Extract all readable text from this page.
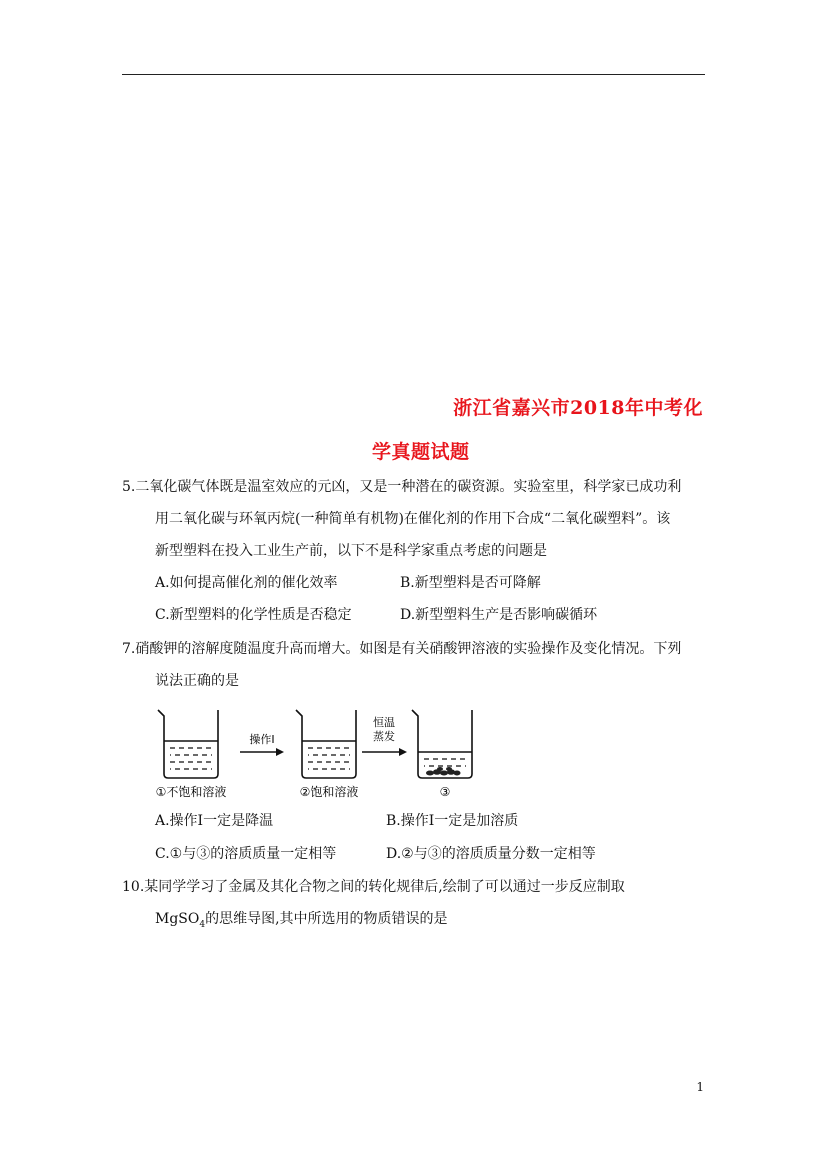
浙江省嘉兴市2018年中考化
学真题试题
5.二氧化碳气体既是温室效应的元凶，又是一种潜在的碳资源。实验室里，科学家已成功利
用二氧化碳与环氧丙烷(一种简单有机物)在催化剂的作用下合成“二氧化碳塑料”。该
新型塑料在投入工业生产前，以下不是科学家重点考虑的问题是
A.如何提高催化剂的催化效率	B.新型塑料是否可降解
C.新型塑料的化学性质是否稳定	D.新型塑料生产是否影响碳循环
7.硝酸钾的溶解度随温度升高而增大。如图是有关硝酸钾溶液的实验操作及变化情况。下列
说法正确的是
操作Ⅰ
恒温
蒸发
①不饱和溶液	②饱和溶液	③
A.操作Ⅰ一定是降温	B.操作Ⅰ一定是加溶质
C.①与③的溶质质量一定相等	D.②与③的溶质质量分数一定相等
10.某同学学习了金属及其化合物之间的转化规律后,绘制了可以通过一步反应制取
MgSO$_4$的思维导图,其中所选用的物质错误的是
1
